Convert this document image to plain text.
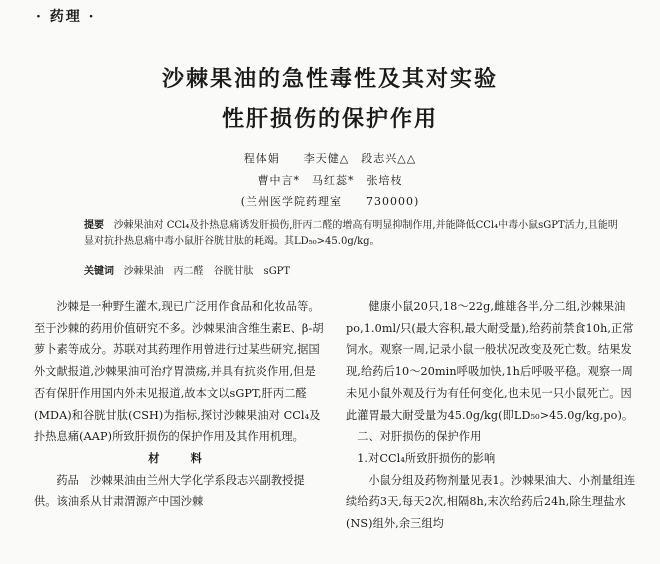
· 药理 ·
沙棘果油的急性毒性及其对实验
性肝损伤的保护作用
程体娟　　李天健△　段志兴△△
曹中言*　马红蕊*　张培枝
(兰州医学院药理室　　730000)
提要 沙棘果油对 CCl₄及扑热息痛诱发肝损伤,肝丙二醛的增高有明显抑制作用,并能降低CCl₄中毒小鼠sGPT活力,且能明显对抗扑热息痛中毒小鼠肝谷胱甘肽的耗竭。其LD₅₀>45.0g/kg。
关键词 沙棘果油　丙二醛　谷胱甘肽　sGPT

沙棘是一种野生灌木,现已广泛用作食品和化妆品等。至于沙棘的药用价值研究不多。沙棘果油含维生素E、β-胡萝卜素等成分。苏联对其药理作用曾进行过某些研究,据国外文献报道,沙棘果油可治疗胃溃疡,并具有抗炎作用,但是否有保肝作用国内外未见报道,故本文以sGPT,肝丙二醛(MDA)和谷胱甘肽(CSH)为指标,探讨沙棘果油对 CCl₄及扑热息痛(AAP)所致肝损伤的保护作用及其作用机理。

材　料

药品　沙棘果油由兰州大学化学系段志兴副教授提供。该油系从甘肃渭源产中国沙棘

健康小鼠20只,18～22g,雌雄各半,分二组,沙棘果油po,1.0ml/只(最大容积,最大耐受量),给药前禁食10h,正常饲水。观察一周,记录小鼠一般状况改变及死亡数。结果发现,给药后10～20min呼吸加快,1h后呼吸平稳。观察一周未见小鼠外观及行为有任何变化,也未见一只小鼠死亡。因此灌胃最大耐受量为45.0g/kg(即LD₅₀>45.0g/kg,po)。

二、对肝损伤的保护作用

1.对CCl₄所致肝损伤的影响

小鼠分组及药物剂量见表1。沙棘果油大、小剂量组连续给药3天,每天2次,相隔8h,末次给药后24h,除生理盐水(NS)组外,余三组均
